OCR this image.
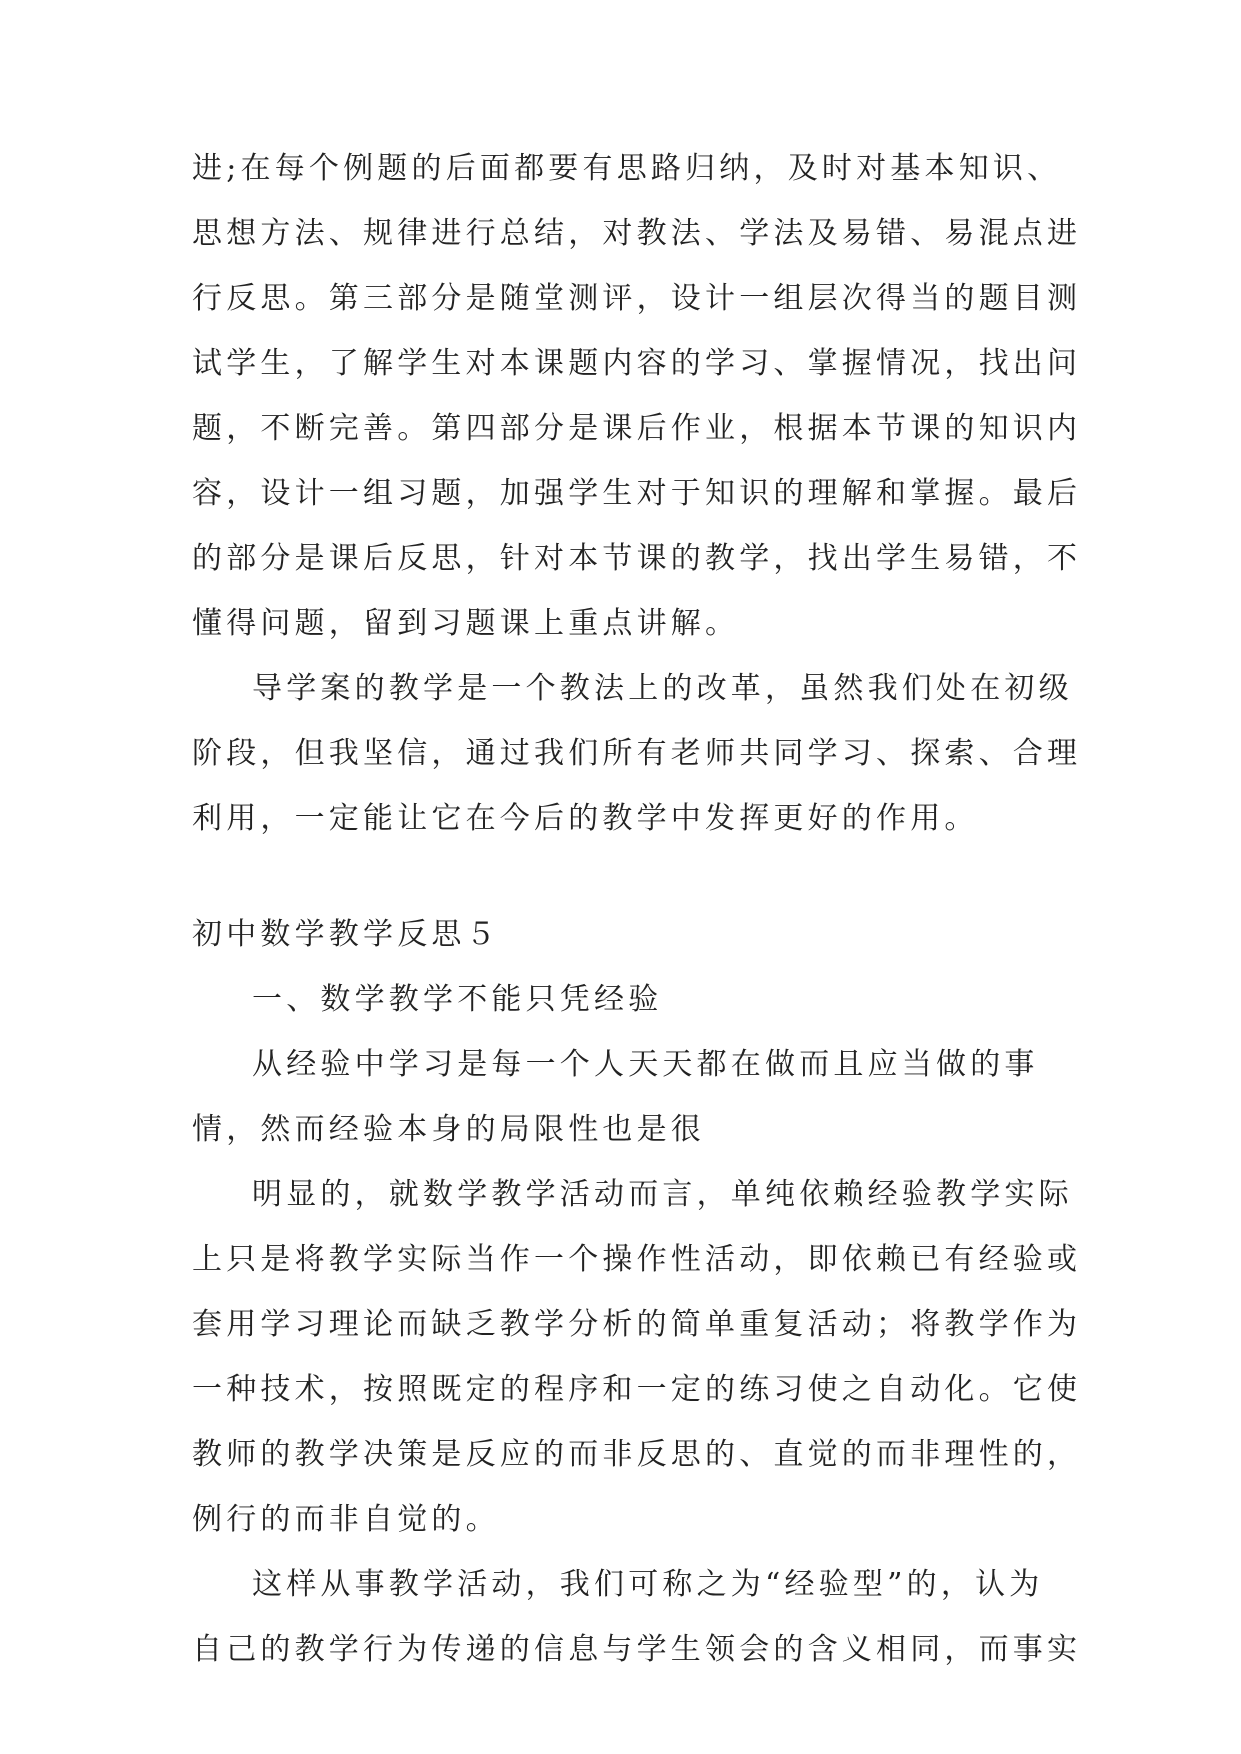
进;在每个例题的后面都要有思路归纳，及时对基本知识、
思想方法、规律进行总结，对教法、学法及易错、易混点进
行反思。第三部分是随堂测评，设计一组层次得当的题目测
试学生，了解学生对本课题内容的学习、掌握情况，找出问
题，不断完善。第四部分是课后作业，根据本节课的知识内
容，设计一组习题，加强学生对于知识的理解和掌握。最后
的部分是课后反思，针对本节课的教学，找出学生易错，不
懂得问题，留到习题课上重点讲解。
导学案的教学是一个教法上的改革，虽然我们处在初级
阶段，但我坚信，通过我们所有老师共同学习、探索、合理
利用，一定能让它在今后的教学中发挥更好的作用。
初中数学教学反思５
一、数学教学不能只凭经验
从经验中学习是每一个人天天都在做而且应当做的事
情，然而经验本身的局限性也是很
明显的，就数学教学活动而言，单纯依赖经验教学实际
上只是将教学实际当作一个操作性活动，即依赖已有经验或
套用学习理论而缺乏教学分析的简单重复活动；将教学作为
一种技术，按照既定的程序和一定的练习使之自动化。它使
教师的教学决策是反应的而非反思的、直觉的而非理性的，
例行的而非自觉的。
这样从事教学活动，我们可称之为“经验型”的，认为
自己的教学行为传递的信息与学生领会的含义相同，而事实
